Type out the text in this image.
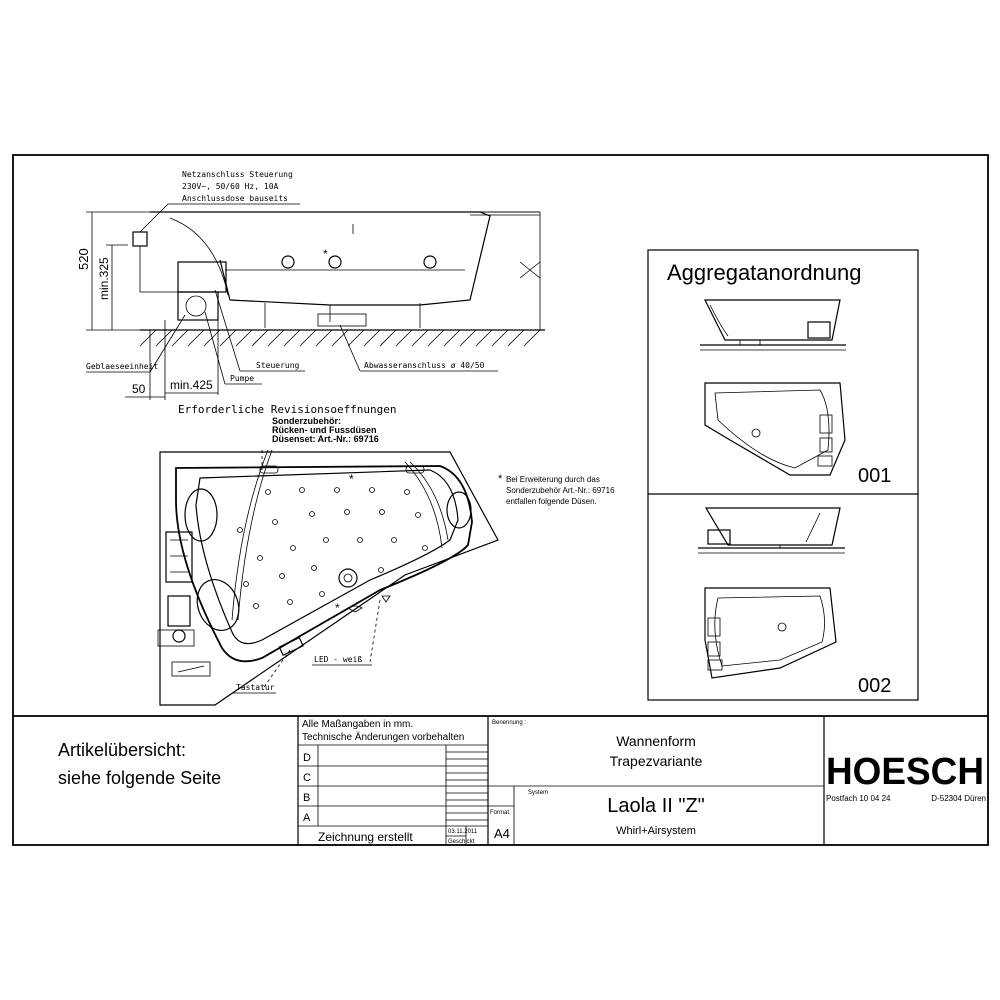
Netzanschluss Steuerung
230V~, 50/60 Hz, 10A
Anschlussdose bauseits
520 min.325
*
Geblaeseeinheit	Steuerung
Pumpe
Abwasseranschluss ø 40/50
50 min.425
Erforderliche Revisionsoeffnungen
Sonderzubehör:
Rücken- und Fussdüsen
Düsenset: Art.-Nr.: 69716
* Bei Erweiterung durch das
Sonderzubehör Art.-Nr.: 69716
entfallen folgende Düsen.
*
*
LED - weiß
Tastatur
Aggregatanordnung
001
002
Artikelübersicht:
siehe folgende Seite
Alle Maßangaben in mm.
Technische Änderungen vorbehalten
D
C
B
A
Zeichnung erstellt	03.11.2011
Geschickt
Format
A4
Benennung :
Wannenform
Trapezvariante
System
Laola II "Z"
Whirl+Airsystem
HOESCH
Postfach 10 04 24	D-52304 Düren
